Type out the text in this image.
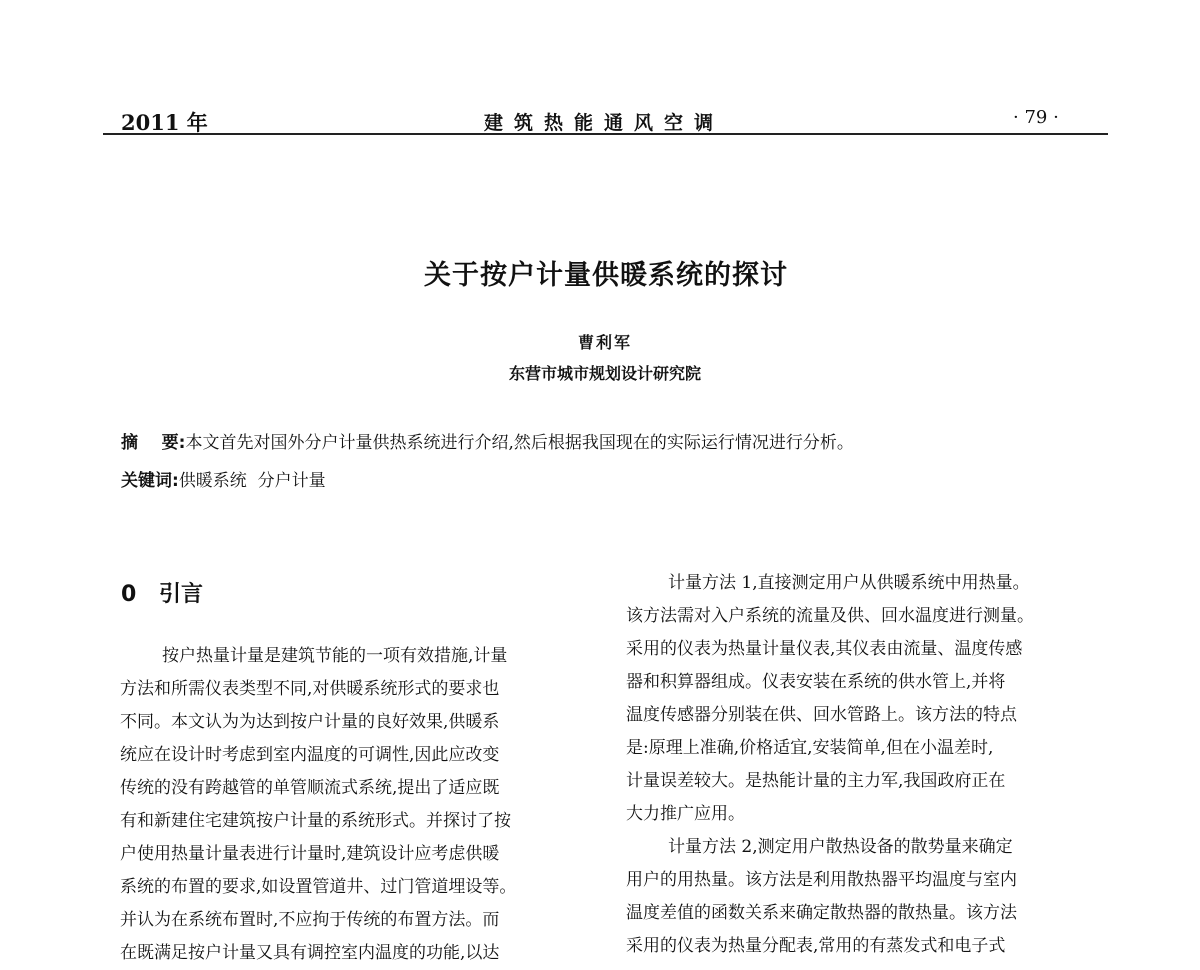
2011 年	建筑热能通风空调	· 79 ·
关于按户计量供暖系统的探讨
曹利军
东营市城市规划设计研究院
摘    要:本文首先对国外分户计量供热系统进行介绍,然后根据我国现在的实际运行情况进行分析。
关键词:供暖系统  分户计量
0 引言
按户热量计量是建筑节能的一项有效措施,计量
方法和所需仪表类型不同,对供暖系统形式的要求也
不同。本文认为为达到按户计量的良好效果,供暖系
统应在设计时考虑到室内温度的可调性,因此应改变
传统的没有跨越管的单管顺流式系统,提出了适应既
有和新建住宅建筑按户计量的系统形式。并探讨了按
户使用热量计量表进行计量时,建筑设计应考虑供暖
系统的布置的要求,如设置管道井、过门管道埋设等。
并认为在系统布置时,不应拘于传统的布置方法。而
在既满足按户计量又具有调控室内温度的功能,以达
计量方法 1,直接测定用户从供暖系统中用热量。
该方法需对入户系统的流量及供、回水温度进行测量。
采用的仪表为热量计量仪表,其仪表由流量、温度传感
器和积算器组成。仪表安装在系统的供水管上,并将
温度传感器分别装在供、回水管路上。该方法的特点
是:原理上准确,价格适宜,安装简单,但在小温差时,
计量误差较大。是热能计量的主力军,我国政府正在
大力推广应用。
计量方法 2,测定用户散热设备的散势量来确定
用户的用热量。该方法是利用散热器平均温度与室内
温度差值的函数关系来确定散热器的散热量。该方法
采用的仪表为热量分配表,常用的有蒸发式和电子式
